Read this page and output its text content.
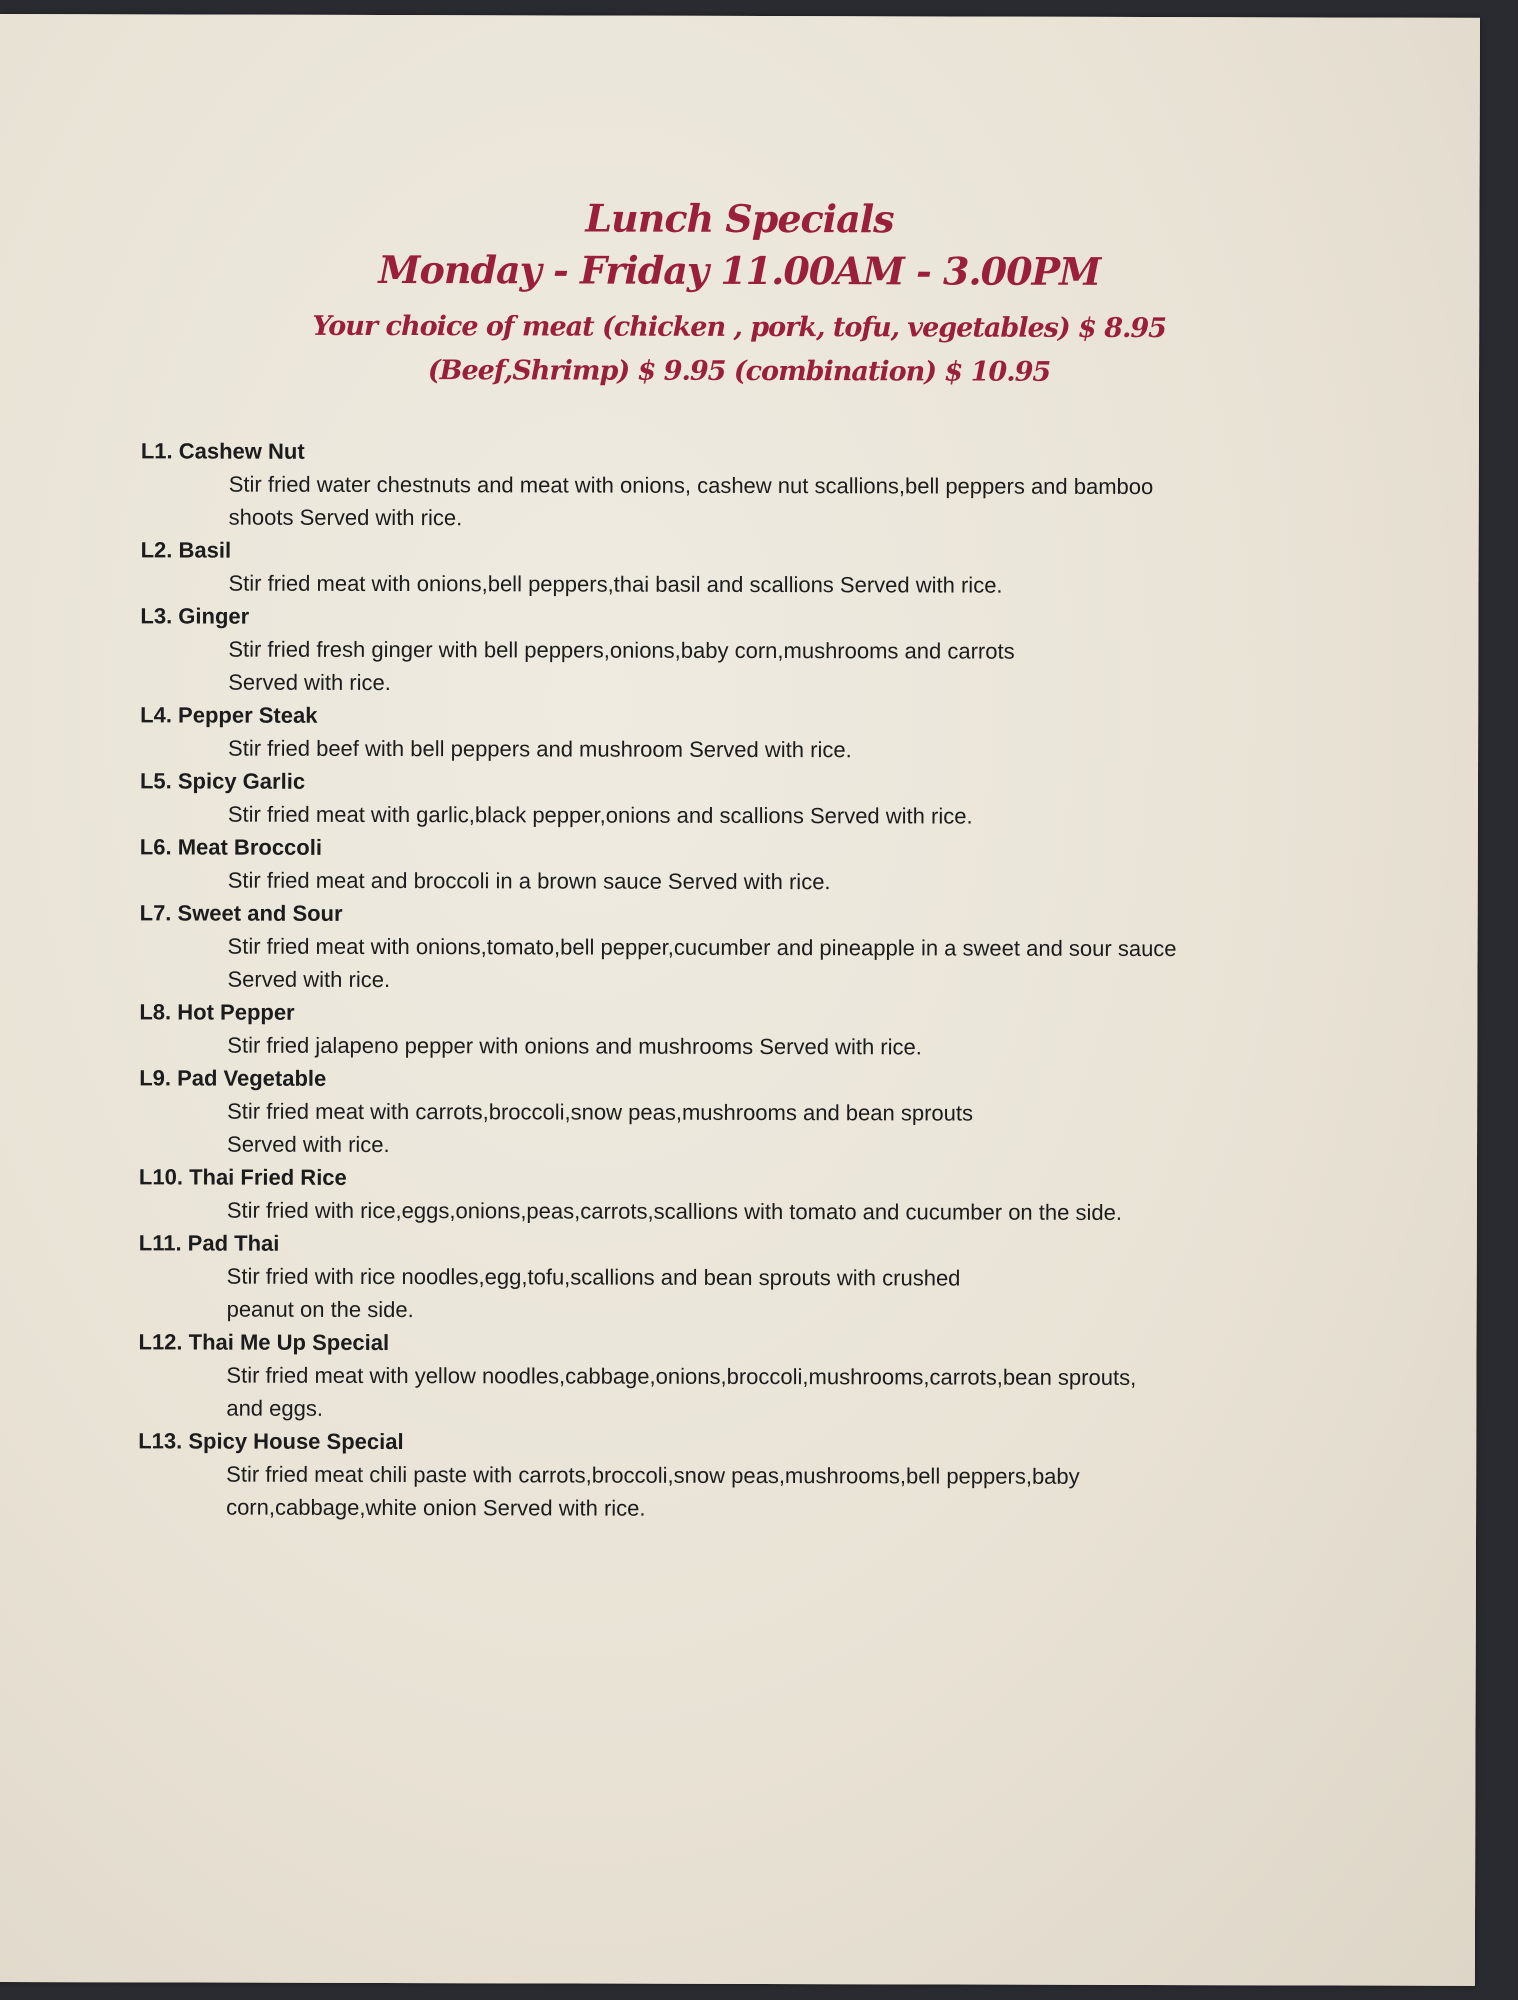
Lunch Specials
Monday - Friday 11.00AM - 3.00PM
Your choice of meat (chicken , pork, tofu, vegetables) $ 8.95
(Beef,Shrimp) $ 9.95 (combination) $ 10.95
L1. Cashew Nut
Stir fried water chestnuts and meat with onions, cashew nut scallions,bell peppers and bamboo
shoots Served with rice.
L2. Basil
Stir fried meat with onions,bell peppers,thai basil and scallions Served with rice.
L3. Ginger
Stir fried fresh ginger with bell peppers,onions,baby corn,mushrooms and carrots
Served with rice.
L4. Pepper Steak
Stir fried beef with bell peppers and mushroom Served with rice.
L5. Spicy Garlic
Stir fried meat with garlic,black pepper,onions and scallions Served with rice.
L6. Meat Broccoli
Stir fried meat and broccoli in a brown sauce Served with rice.
L7. Sweet and Sour
Stir fried meat with onions,tomato,bell pepper,cucumber and pineapple in a sweet and sour sauce
Served with rice.
L8. Hot Pepper
Stir fried jalapeno pepper with onions and mushrooms Served with rice.
L9. Pad Vegetable
Stir fried meat with carrots,broccoli,snow peas,mushrooms and bean sprouts
Served with rice.
L10. Thai Fried Rice
Stir fried with rice,eggs,onions,peas,carrots,scallions with tomato and cucumber on the side.
L11. Pad Thai
Stir fried with rice noodles,egg,tofu,scallions and bean sprouts with crushed
peanut on the side.
L12. Thai Me Up Special
Stir fried meat with yellow noodles,cabbage,onions,broccoli,mushrooms,carrots,bean sprouts,
and eggs.
L13. Spicy House Special
Stir fried meat chili paste with carrots,broccoli,snow peas,mushrooms,bell peppers,baby
corn,cabbage,white onion Served with rice.
